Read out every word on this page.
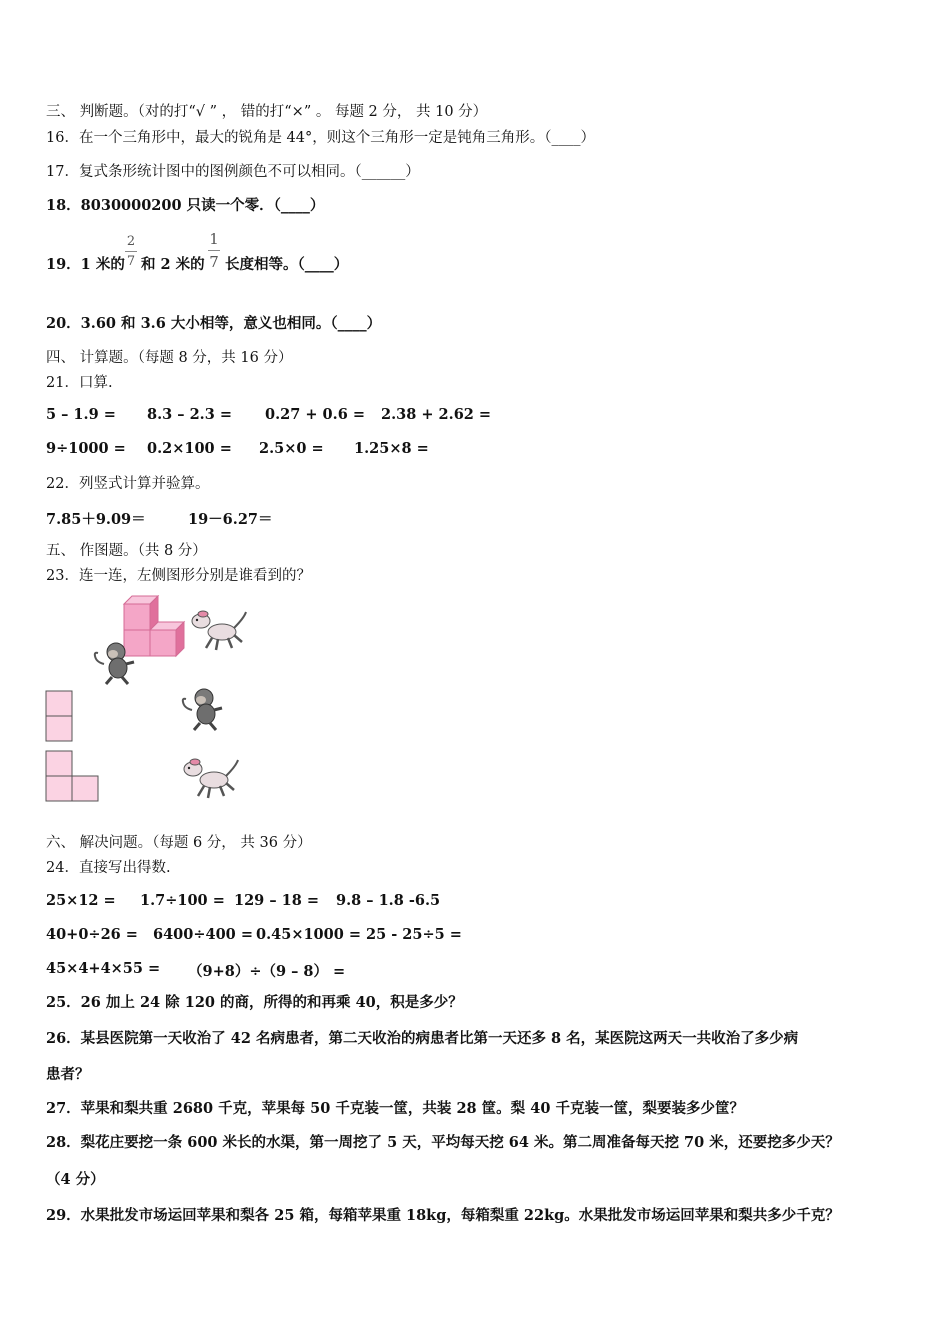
三、 判断题。（对的打“√ ” ， 错的打“×” 。 每题 2 分， 共 10 分）
16．在一个三角形中，最大的锐角是 44°，则这个三角形一定是钝角三角形。（____）
17．复式条形统计图中的图例颜色不可以相同。（______）
18．8030000200 只读一个零．（____）
19．1 米的
2
7 和 2 米的
1
7 长度相等。（____）
20．3.60 和 3.6 大小相等，意义也相同。（____）
四、 计算题。（每题 8 分，共 16 分）
21．口算.
5 – 1.9 = 8.3 – 2.3 = 0.27 + 0.6 = 2.38 + 2.62 =
9÷1000 = 0.2×100 = 2.5×0 = 1.25×8 =
22．列竖式计算并验算。
7.85＋9.09＝	19－6.27＝
五、 作图题。（共 8 分）
23．连一连，左侧图形分别是谁看到的？
六、 解决问题。（每题 6 分， 共 36 分）
24．直接写出得数.
25×12 = 1.7÷100 = 129 – 18 = 9.8 – 1.8 -6.5
40+0÷26 = 6400÷400 = 0.45×1000 = 25 - 25÷5 =
45×4+4×55 = （9+8）÷（9 – 8） =
25．26 加上 24 除 120 的商，所得的和再乘 40，积是多少？
26．某县医院第一天收治了 42 名病患者，第二天收治的病患者比第一天还多 8 名，某医院这两天一共收治了多少病
患者？
27．苹果和梨共重 2680 千克，苹果每 50 千克装一筐，共装 28 筐。梨 40 千克装一筐，梨要装多少筐？
28．梨花庄要挖一条 600 米长的水渠，第一周挖了 5 天，平均每天挖 64 米。第二周准备每天挖 70 米，还要挖多少天？
（4 分）
29．水果批发市场运回苹果和梨各 25 箱，每箱苹果重 18kg，每箱梨重 22kg。水果批发市场运回苹果和梨共多少千克？
